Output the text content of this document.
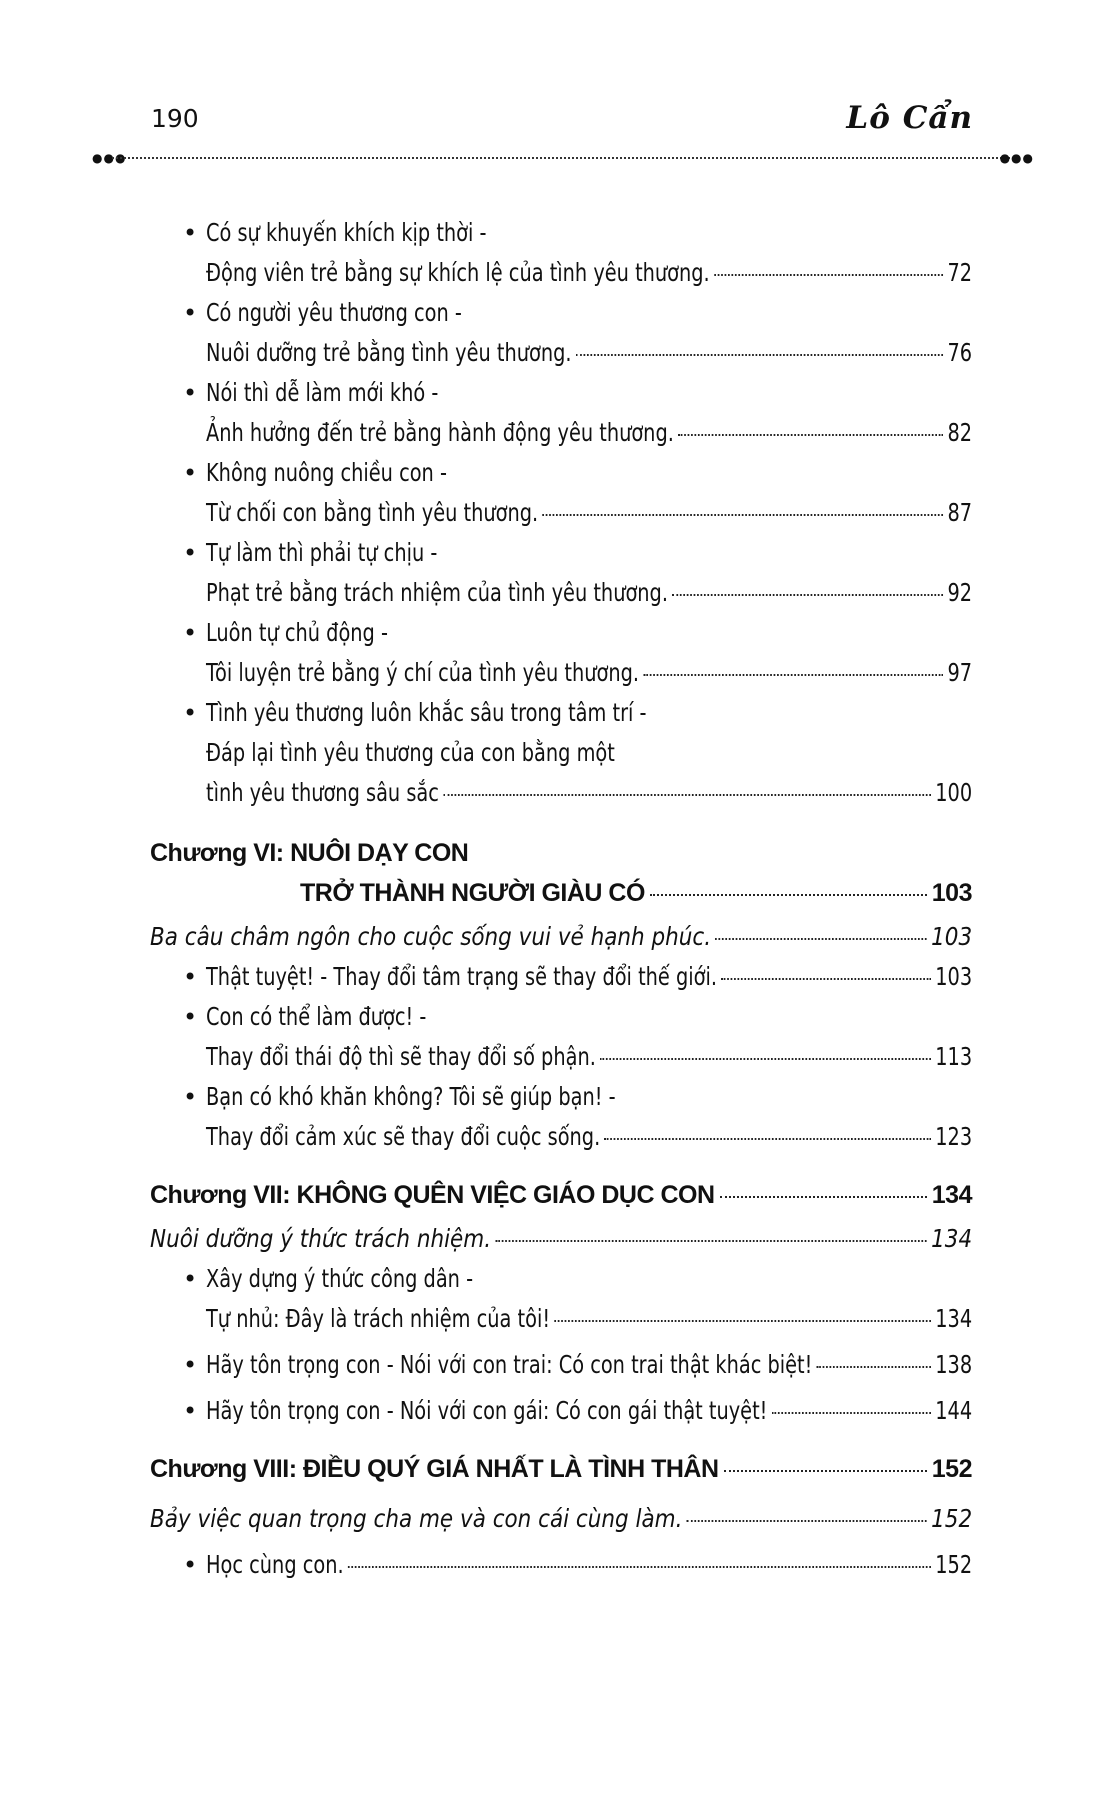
190	Lô Cẩn
●●●	●●●
• Có sự khuyến khích kịp thời -
Động viên trẻ bằng sự khích lệ của tình yêu thương.	72
• Có người yêu thương con -
Nuôi dưỡng trẻ bằng tình yêu thương.	76
• Nói thì dễ làm mới khó -
Ảnh hưởng đến trẻ bằng hành động yêu thương.	82
• Không nuông chiều con -
Từ chối con bằng tình yêu thương.	87
• Tự làm thì phải tự chịu -
Phạt trẻ bằng trách nhiệm của tình yêu thương.	92
• Luôn tự chủ động -
Tôi luyện trẻ bằng ý chí của tình yêu thương.	97
• Tình yêu thương luôn khắc sâu trong tâm trí -
Đáp lại tình yêu thương của con bằng một
tình yêu thương sâu sắc	100
Chương VI: NUÔI DẠY CON
TRỞ THÀNH NGƯỜI GIÀU CÓ	103
Ba câu châm ngôn cho cuộc sống vui vẻ hạnh phúc.	103
• Thật tuyệt! - Thay đổi tâm trạng sẽ thay đổi thế giới.	103
• Con có thể làm được! -
Thay đổi thái độ thì sẽ thay đổi số phận.	113
• Bạn có khó khăn không? Tôi sẽ giúp bạn! -
Thay đổi cảm xúc sẽ thay đổi cuộc sống.	123
Chương VII: KHÔNG QUÊN VIỆC GIÁO DỤC CON	134
Nuôi dưỡng ý thức trách nhiệm.	134
• Xây dựng ý thức công dân -
Tự nhủ: Đây là trách nhiệm của tôi!	134
• Hãy tôn trọng con - Nói với con trai: Có con trai thật khác biệt!	138
• Hãy tôn trọng con - Nói với con gái: Có con gái thật tuyệt!	144
Chương VIII: ĐIỀU QUÝ GIÁ NHẤT LÀ TÌNH THÂN	152
Bảy việc quan trọng cha mẹ và con cái cùng làm.	152
• Học cùng con.	152
